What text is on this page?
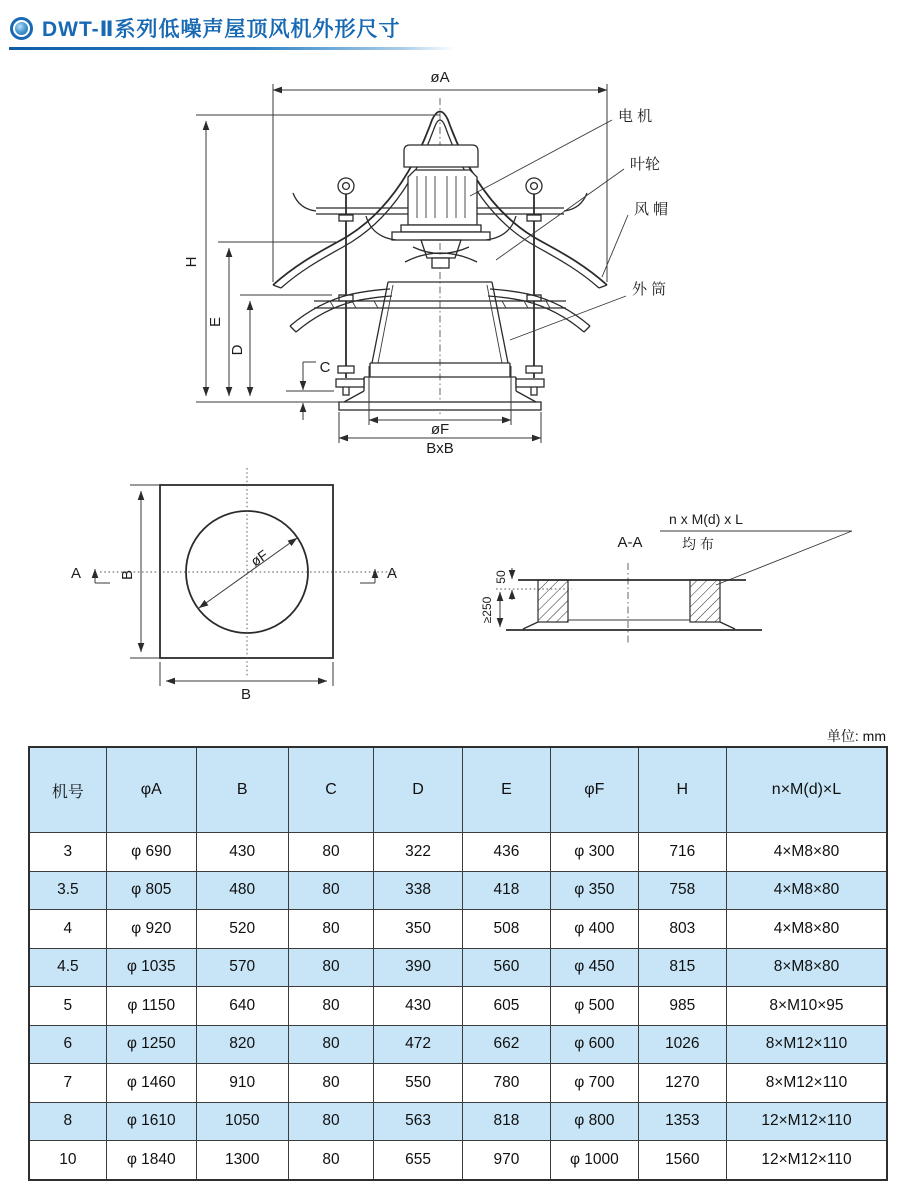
DWT-Ⅱ系列低噪声屋顶风机外形尺寸
øA
H
E
D
C
øF
BxB
电 机
叶轮
风 帽
外 筒
øF
B
B
A	A
A-A
n x M(d) x L
均 布
50
≥250
单位: mm
机号	φA	B	C	D	E	φF	H	n×M(d)×L
3	φ 690	430	80	322	436	φ 300	716	4×M8×80
3.5	φ 805	480	80	338	418	φ 350	758	4×M8×80
4	φ 920	520	80	350	508	φ 400	803	4×M8×80
4.5	φ 1035	570	80	390	560	φ 450	815	8×M8×80
5	φ 1150	640	80	430	605	φ 500	985	8×M10×95
6	φ 1250	820	80	472	662	φ 600	1026	8×M12×110
7	φ 1460	910	80	550	780	φ 700	1270	8×M12×110
8	φ 1610	1050	80	563	818	φ 800	1353	12×M12×110
10	φ 1840	1300	80	655	970	φ 1000	1560	12×M12×110
